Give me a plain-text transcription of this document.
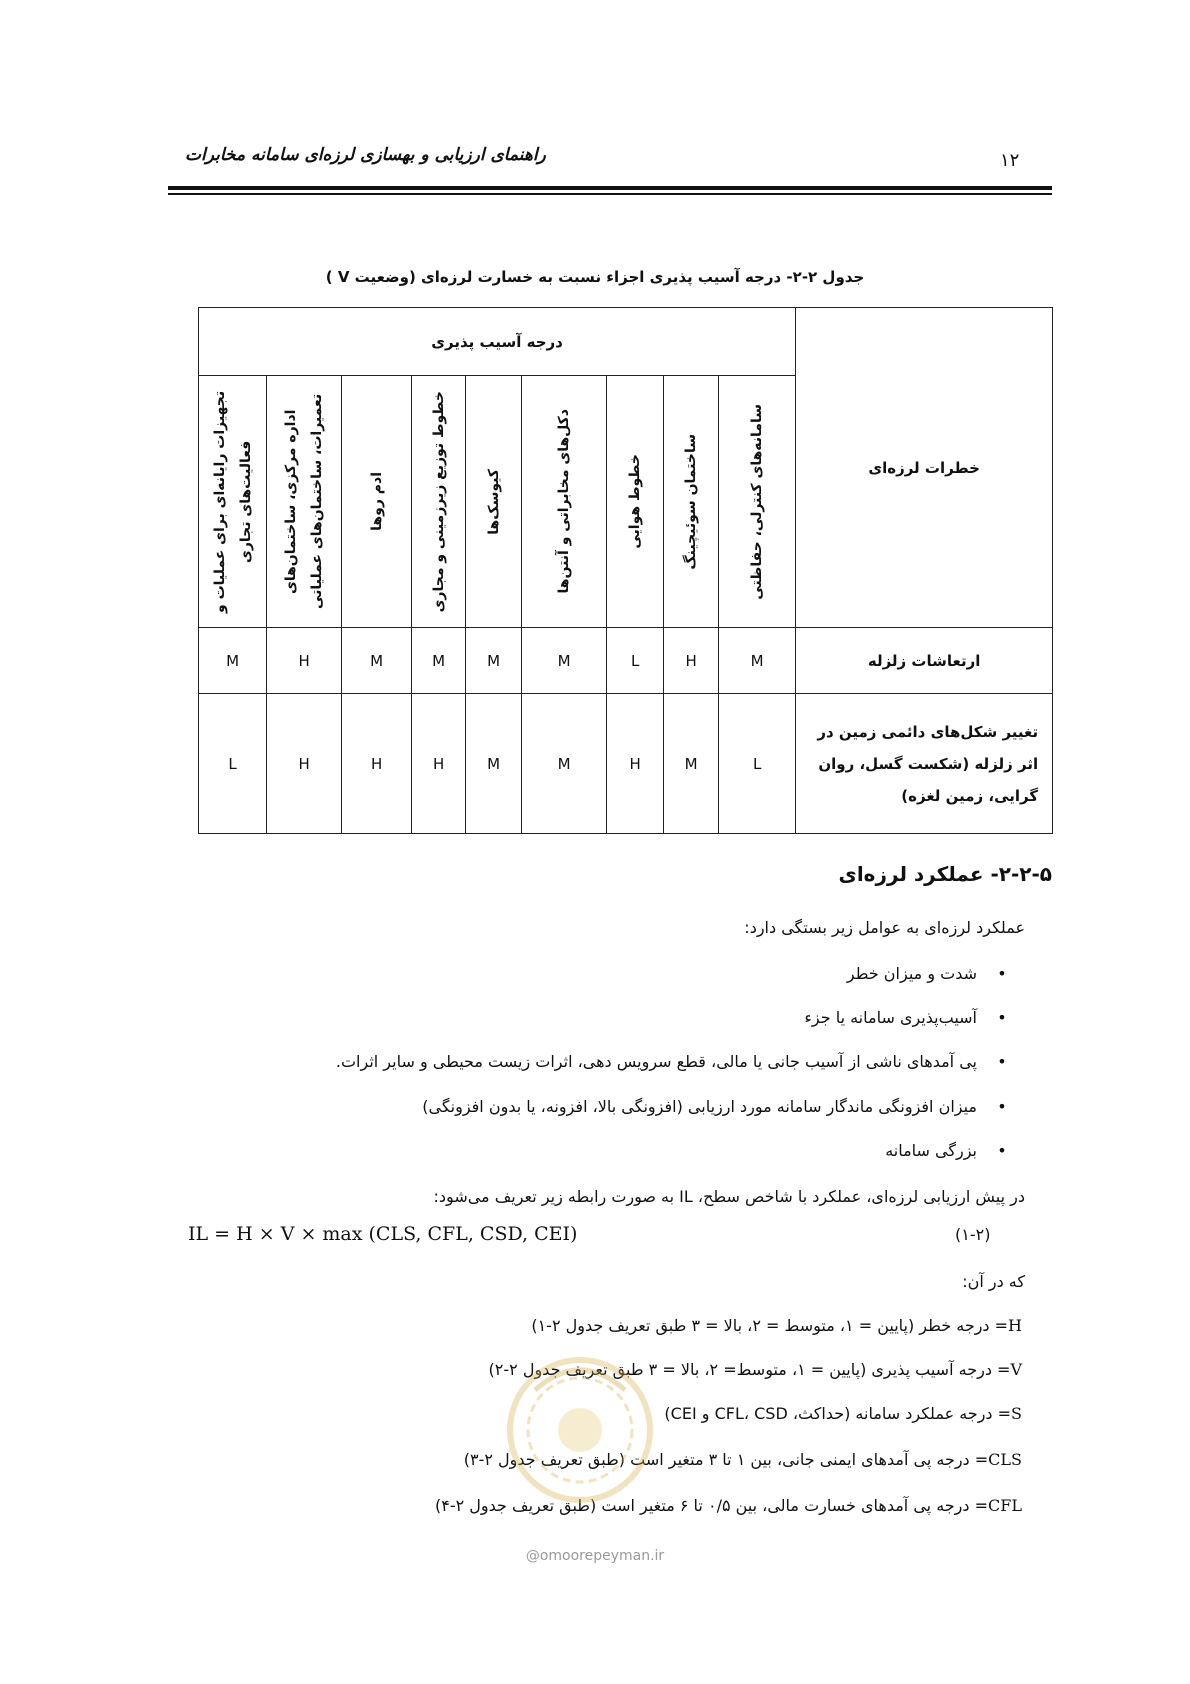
راهنمای ارزیابی و بهسازی لرزه‌ای سامانه مخابرات	۱۲
جدول ۲-۲- درجه آسیب پذیری اجزاء نسبت به خسارت لرزه‌ای (وضعیت V )
خطرات لرزه‌ای	درجه آسیب پذیری								

	سامانه‌های کنترلی، حفاظتی	ساختمان سوئیچینگ	خطوط هوایی	دکل‌های مخابراتی و آنتن‌ها	کیوسک‌ها	خطوط توزیع زیرزمینی و مجاری	ادم روها	اداره مرکزی، ساختمان‌های تعمیرات، ساختمان‌های عملیاتی	تجهیزات رایانه‌ای برای عملیات و فعالیت‌های تجاری

ارتعاشات زلزله	M	H	L	M	M	M	M	H	M
تغییر شکل‌های دائمی زمین در اثر زلزله (شکست گسل، روان گرایی، زمین لغزه)	L	M	H	M	M	H	H	H	L
۲-۲-۵- عملکرد لرزه‌ای
عملکرد لرزه‌ای به عوامل زیر بستگی دارد:
•شدت و میزان خطر
•آسیب‌پذیری سامانه یا جزء
•پی آمدهای ناشی از آسیب جانی یا مالی، قطع سرویس دهی، اثرات زیست محیطی و سایر اثرات.
•میزان افزونگی ماندگار سامانه مورد ارزیابی (افزونگی بالا، افزونه، یا بدون افزونگی)
•بزرگی سامانه
در پیش ارزیابی لرزه‌ای، عملکرد با شاخص سطح، IL به صورت رابطه زیر تعریف می‌شود:
IL = H × V × max (CLS, CFL, CSD, CEI)	(۱-۲)
که در آن:
H= درجه خطر (پایین = ۱، متوسط = ۲، بالا = ۳ طبق تعریف جدول ۲-۱)
V= درجه آسیب پذیری (پایین = ۱، متوسط= ۲، بالا = ۳ طبق تعریف جدول ۲-۲)
S= درجه عملکرد سامانه (حداکث، CFL، CSD و CEI)
CLS= درجه پی آمدهای ایمنی جانی، بین ۱ تا ۳ متغیر است (طبق تعریف جدول ۲-۳)
CFL= درجه پی آمدهای خسارت مالی، بین ۰/۵ تا ۶ متغیر است (طبق تعریف جدول ۲-۴)
@omoorepeyman.ir
